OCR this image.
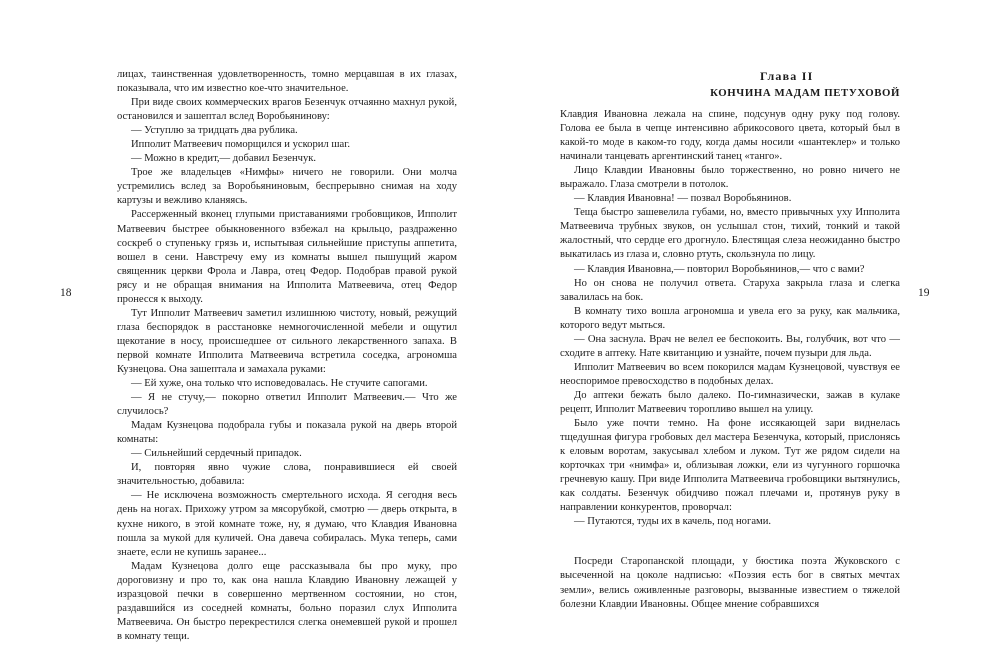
18	19

лицах, таинственная удовлетворенность, томно мерцавшая в их глазах, показывала, что им известно кое-что значительное.

При виде своих коммерческих врагов Безенчук отчаянно махнул рукой, остановился и зашептал вслед Воробьянинову:

— Уступлю за тридцать два рублика.

Ипполит Матвеевич поморщился и ускорил шаг.

— Можно в кредит,— добавил Безенчук.

Трое же владельцев «Нимфы» ничего не говорили. Они молча устремились вслед за Воробьяниновым, беспрерывно снимая на ходу картузы и вежливо кланяясь.

Рассерженный вконец глупыми приставаниями гробовщиков, Ипполит Матвеевич быстрее обыкновенного взбежал на крыльцо, раздраженно соскреб о ступеньку грязь и, испытывая сильнейшие приступы аппетита, вошел в сени. Навстречу ему из комнаты вышел пышущий жаром священник церкви Фрола и Лавра, отец Федор. Подобрав правой рукой рясу и не обращая внимания на Ипполита Матвеевича, отец Федор пронесся к выходу.

Тут Ипполит Матвеевич заметил излишнюю чистоту, новый, режущий глаза беспорядок в расстановке немногочисленной мебели и ощутил щекотание в носу, происшедшее от сильного лекарственного запаха. В первой комнате Ипполита Матвеевича встретила соседка, агрономша Кузнецова. Она зашептала и замахала руками:

— Ей хуже, она только что исповедовалась. Не стучите сапогами.

— Я не стучу,— покорно ответил Ипполит Матвеевич.— Что же случилось?

Мадам Кузнецова подобрала губы и показала рукой на дверь второй комнаты:

— Сильнейший сердечный припадок.

И, повторяя явно чужие слова, понравившиеся ей своей значительностью, добавила:

— Не исключена возможность смертельного исхода. Я сегодня весь день на ногах. Прихожу утром за мясорубкой, смотрю — дверь открыта, в кухне никого, в этой комнате тоже, ну, я думаю, что Клавдия Ивановна пошла за мукой для куличей. Она давеча собиралась. Мука теперь, сами знаете, если не купишь заранее...

Мадам Кузнецова долго еще рассказывала бы про муку, про дороговизну и про то, как она нашла Клавдию Ивановну лежащей у изразцовой печки в совершенно мертвенном состоянии, но стон, раздавшийся из соседней комнаты, больно поразил слух Ипполита Матвеевича. Он быстро перекрестился слегка онемевшей рукой и прошел в комнату тещи.

Глава II

КОНЧИНА МАДАМ ПЕТУХОВОЙ

Клавдия Ивановна лежала на спине, подсунув одну руку под голову. Голова ее была в чепце интенсивно абрикосового цвета, который был в какой-то моде в каком-то году, когда дамы носили «шантеклер» и только начинали танцевать аргентинский танец «танго».

Лицо Клавдии Ивановны было торжественно, но ровно ничего не выражало. Глаза смотрели в потолок.

— Клавдия Ивановна! — позвал Воробьянинов.

Теща быстро зашевелила губами, но, вместо привычных уху Ипполита Матвеевича трубных звуков, он услышал стон, тихий, тонкий и такой жалостный, что сердце его дрогнуло. Блестящая слеза неожиданно быстро выкатилась из глаза и, словно ртуть, скользнула по лицу.

— Клавдия Ивановна,— повторил Воробьянинов,— что с вами?

Но он снова не получил ответа. Старуха закрыла глаза и слегка завалилась на бок.

В комнату тихо вошла агрономша и увела его за руку, как мальчика, которого ведут мыться.

— Она заснула. Врач не велел ее беспокоить. Вы, голубчик, вот что — сходите в аптеку. Нате квитанцию и узнайте, почем пузыри для льда.

Ипполит Матвеевич во всем покорился мадам Кузнецовой, чувствуя ее неоспоримое превосходство в подобных делах.

До аптеки бежать было далеко. По-гимназически, зажав в кулаке рецепт, Ипполит Матвеевич торопливо вышел на улицу.

Было уже почти темно. На фоне иссякающей зари виднелась тщедушная фигура гробовых дел мастера Безенчука, который, прислонясь к еловым воротам, закусывал хлебом и луком. Тут же рядом сидели на корточках три «нимфа» и, облизывая ложки, ели из чугунного горшочка гречневую кашу. При виде Ипполита Матвеевича гробовщики вытянулись, как солдаты. Безенчук обидчиво пожал плечами и, протянув руку в направлении конкурентов, проворчал:

— Путаются, туды их в качель, под ногами.

Посреди Старопанской площади, у бюстика поэта Жуковского с высеченной на цоколе надписью: «Поэзия есть бог в святых мечтах земли», велись оживленные разговоры, вызванные известием о тяжелой болезни Клавдии Ивановны. Общее мнение собравшихся
